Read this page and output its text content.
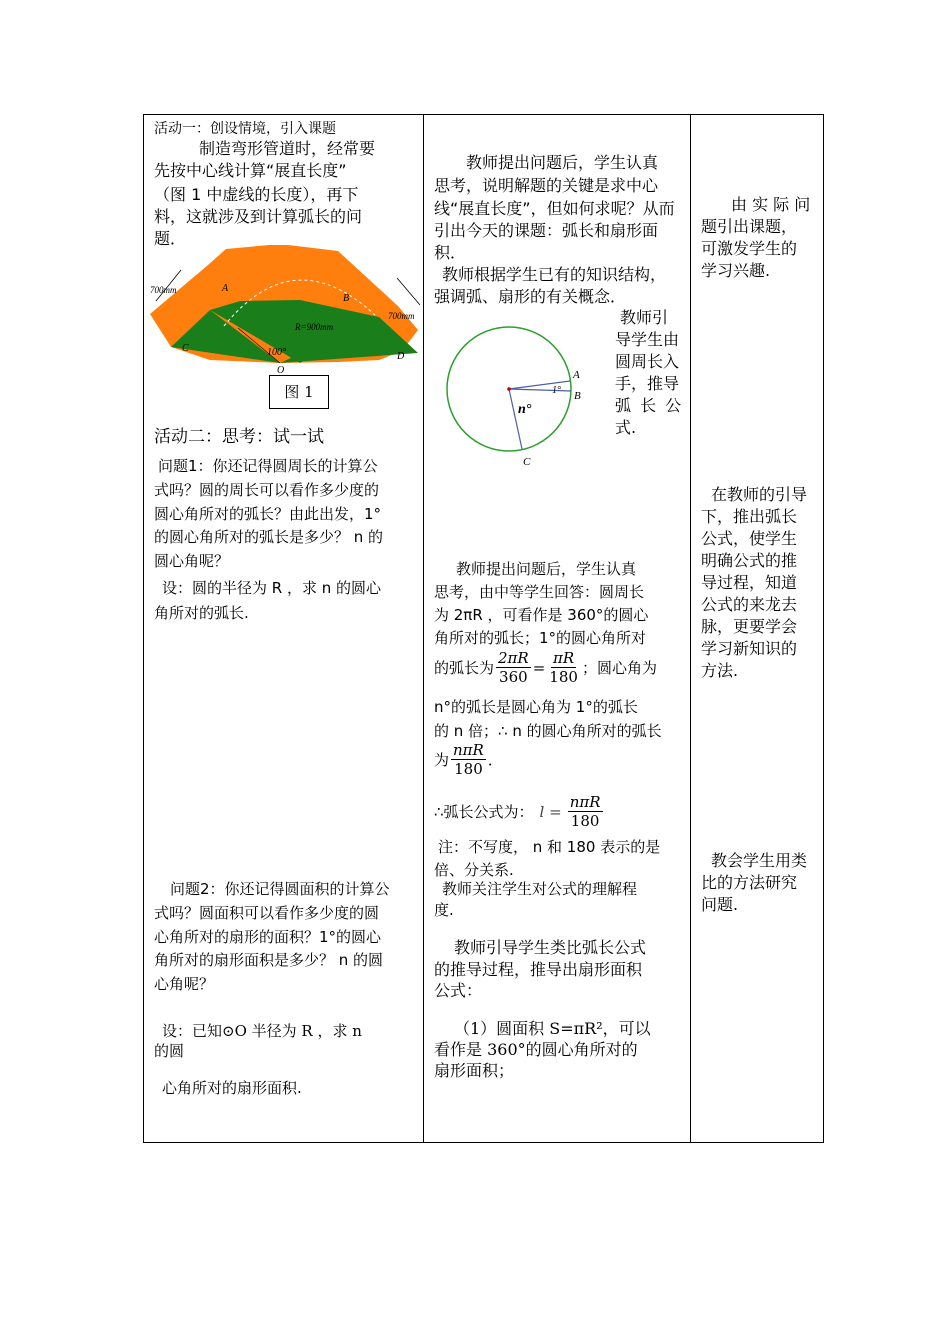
活动一：创设情境，引入课题
制造弯形管道时，经常要
先按中心线计算“展直长度”
（图 1 中虚线的长度），再下
料，这就涉及到计算弧长的问
题．
700mm
700mm
A
B
C
D
O
R=900mm
100°
图 1
活动二：思考：试一试
问题1：你还记得圆周长的计算公
式吗？圆的周长可以看作多少度的
圆心角所对的弧长？由此出发，1°
的圆心角所对的弧长是多少？ n 的
圆心角呢？
设：圆的半径为 R ，求 n 的圆心
角所对的弧长.
问题2：你还记得圆面积的计算公
式吗？圆面积可以看作多少度的圆
心角所对的扇形的面积？1°的圆心
角所对的扇形面积是多少？ n 的圆
心角呢？
设：已知⊙O 半径为 R ，求 n
的圆
心角所对的扇形面积.
教师提出问题后，学生认真
思考，说明解题的关键是求中心
线“展直长度”，但如何求呢？从而
引出今天的课题：弧长和扇形面
积．
教师根据学生已有的知识结构，
强调弧、扇形的有关概念．
A
B
C
n°
1°
教师引
导学生由
圆周长入
手，推导
弧 长 公
式.
教师提出问题后，学生认真
思考，由中等学生回答：圆周长
为 2πR ，可看作是 360°的圆心
角所对的弧长；1°的圆心角所对
的弧长为 $\frac{2\pi R}{360} = \frac{\pi R}{180}$ ；圆心角为
n°的弧长是圆心角为 1°的弧长
的 n 倍；∴ n 的圆心角所对的弧长
为 $\frac{\text{nπR}}{180}$ ．
∴弧长公式为： $l = \frac{\text{nπR}}{180}$
注：不写度， n 和 180 表示的是
倍、分关系.
教师关注学生对公式的理解程
度.
教师引导学生类比弧长公式
的推导过程，推导出扇形面积
公式：
（1）圆面积 S=πR²，可以
看作是 360°的圆心角所对的
扇形面积；
由 实 际 问
题引出课题，
可激发学生的
学习兴趣.
在教师的引导
下，推出弧长
公式，使学生
明确公式的推
导过程，知道
公式的来龙去
脉，更要学会
学习新知识的
方法.
教会学生用类
比的方法研究
问题.
